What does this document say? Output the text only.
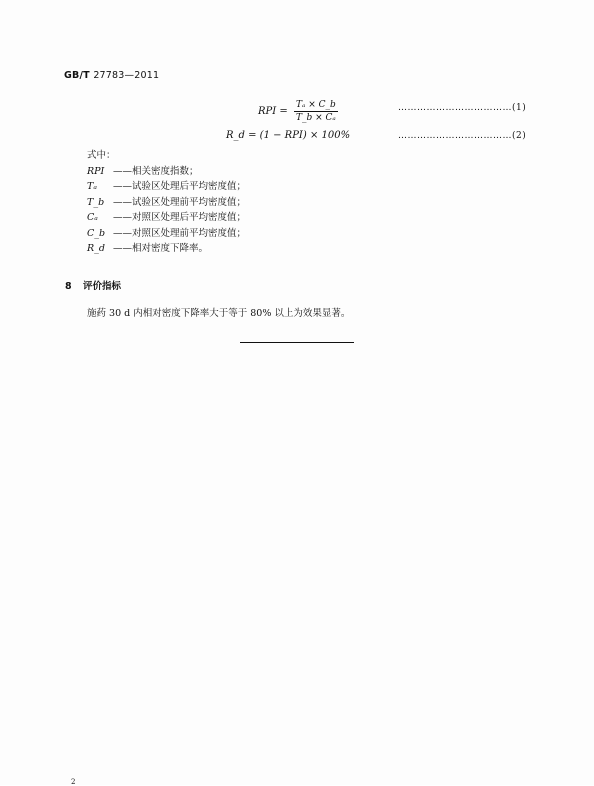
GB/T 27783—2011
RPI = $\frac{\text{Tₐ × C\_b}}{\text{T\_b × Cₐ}}$	………………………………(1)
R_d = (1 − RPI) × 100%	………………………………(2)
式中：
RPI ——相关密度指数；
Tₐ ——试验区处理后平均密度值；
T_b ——试验区处理前平均密度值；
Cₐ ——对照区处理后平均密度值；
C_b ——对照区处理前平均密度值；
R_d ——相对密度下降率。
8 评价指标
施药 30 d 内相对密度下降率大于等于 80% 以上为效果显著。
2
